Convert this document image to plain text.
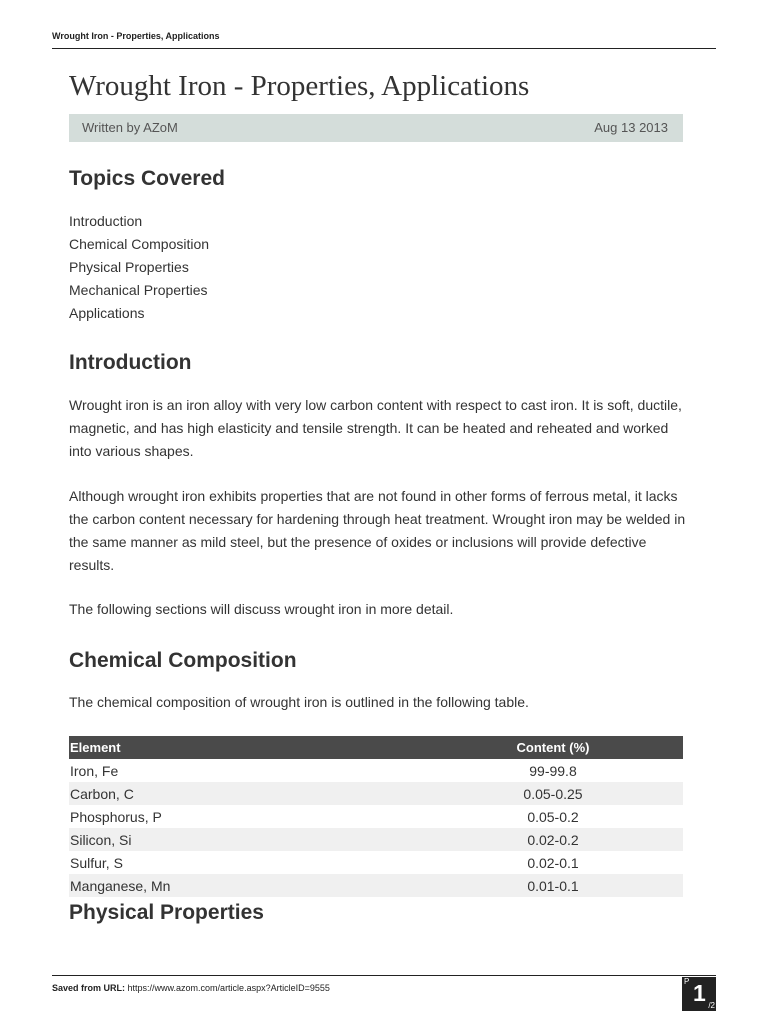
Wrought Iron - Properties, Applications
Wrought Iron - Properties, Applications
Written by AZoM	Aug 13 2013
Topics Covered
Introduction
Chemical Composition
Physical Properties
Mechanical Properties
Applications
Introduction

Wrought iron is an iron alloy with very low carbon content with respect to cast iron. It is soft, ductile, magnetic, and has high elasticity and tensile strength. It can be heated and reheated and worked into various shapes.

Although wrought iron exhibits properties that are not found in other forms of ferrous metal, it lacks the carbon content necessary for hardening through heat treatment. Wrought iron may be welded in the same manner as mild steel, but the presence of oxides or inclusions will provide defective results.

The following sections will discuss wrought iron in more detail.

Chemical Composition

The chemical composition of wrought iron is outlined in the following table.

Element	Content (%)
Iron, Fe	99-99.8
Carbon, C	0.05-0.25
Phosphorus, P	0.05-0.2
Silicon, Si	0.02-0.2
Sulfur, S	0.02-0.1
Manganese, Mn	0.01-0.1
Physical Properties
Saved from URL: https://www.azom.com/article.aspx?ArticleID=9555
P 1 /2
